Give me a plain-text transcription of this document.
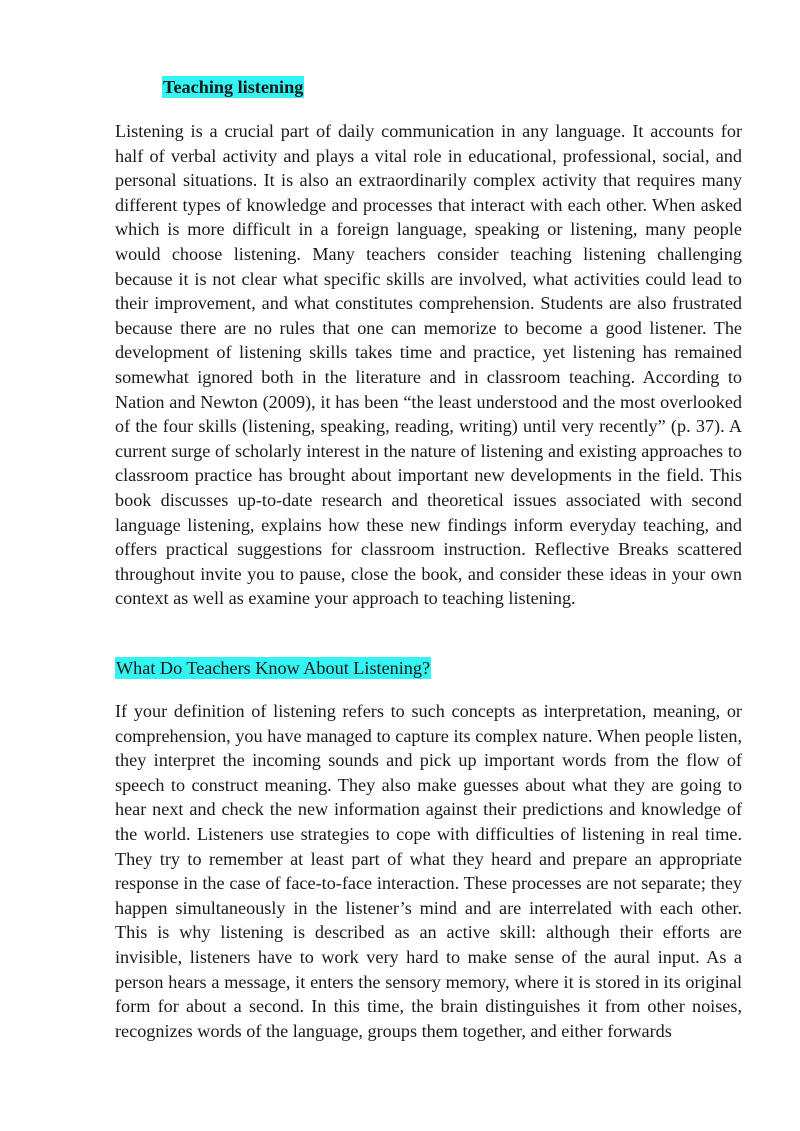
Teaching listening
Listening is a crucial part of daily communication in any language. It accounts for half of verbal activity and plays a vital role in educational, professional, social, and personal situations. It is also an extraordinarily complex activity that requires many different types of knowledge and processes that interact with each other. When asked which is more difficult in a foreign language, speaking or listening, many people would choose listening. Many teachers consider teaching listening challenging because it is not clear what specific skills are involved, what activities could lead to their improvement, and what constitutes comprehension. Students are also frustrated because there are no rules that one can memorize to become a good listener. The development of listening skills takes time and practice, yet listening has remained somewhat ignored both in the literature and in classroom teaching. According to Nation and Newton (2009), it has been “the least understood and the most overlooked of the four skills (listening, speaking, reading, writing) until very recently” (p. 37). A current surge of scholarly interest in the nature of listening and existing approaches to classroom practice has brought about important new developments in the field. This book discusses up-to-date research and theoretical issues associated with second language listening, explains how these new findings inform everyday teaching, and offers practical suggestions for classroom instruction. Reflective Breaks scattered throughout invite you to pause, close the book, and consider these ideas in your own context as well as examine your approach to teaching listening.
What Do Teachers Know About Listening?
If your definition of listening refers to such concepts as interpretation, meaning, or comprehension, you have managed to capture its complex nature. When people listen, they interpret the incoming sounds and pick up important words from the flow of speech to construct meaning. They also make guesses about what they are going to hear next and check the new information against their predictions and knowledge of the world. Listeners use strategies to cope with difficulties of listening in real time. They try to remember at least part of what they heard and prepare an appropriate response in the case of face-to-face interaction. These processes are not separate; they happen simultaneously in the listener’s mind and are interrelated with each other. This is why listening is described as an active skill: although their efforts are invisible, listeners have to work very hard to make sense of the aural input. As a person hears a message, it enters the sensory memory, where it is stored in its original form for about a second. In this time, the brain distinguishes it from other noises, recognizes words of the language, groups them together, and either forwards
